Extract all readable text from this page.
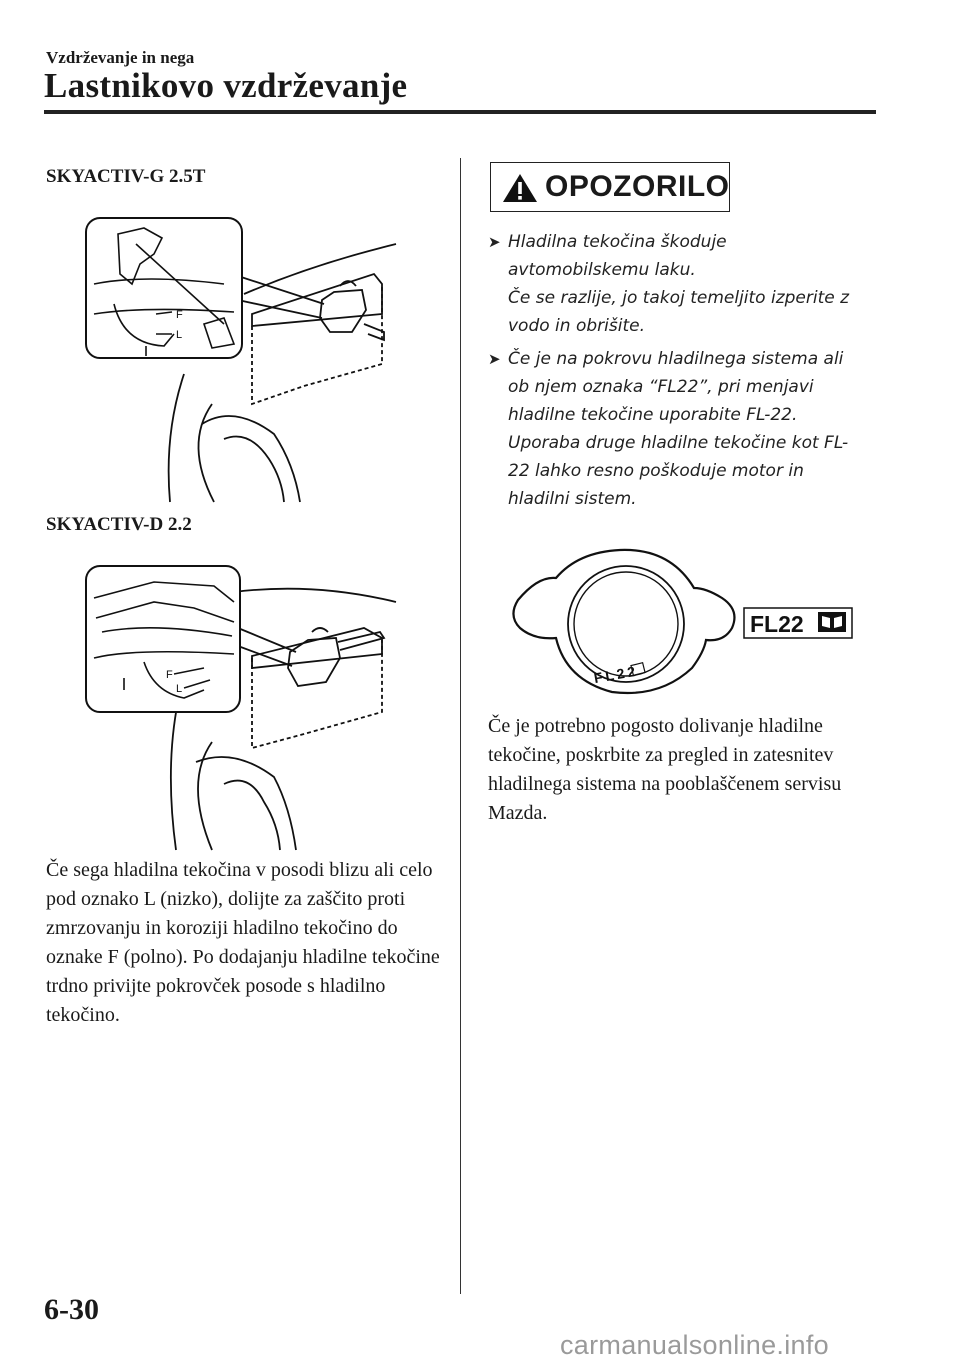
Vzdrževanje in nega
Lastnikovo vzdrževanje
SKYACTIV-G 2.5T
F
L
SKYACTIV-D 2.2
F
L
Če sega hladilna tekočina v posodi blizu ali celo pod oznako L (nizko), dolijte za zaščito proti zmrzovanju in koroziji hladilno tekočino do oznake F (polno). Po dodajanju hladilne tekočine trdno privijte pokrovček posode s hladilno tekočino.
OPOZORILO
➤ Hladilna tekočina škoduje avtomobilskemu laku.
Če se razlije, jo takoj temeljito izperite z vodo in obrišite.
➤ Če je na pokrovu hladilnega sistema ali ob njem oznaka “FL22”, pri menjavi hladilne tekočine uporabite FL-22. Uporaba druge hladilne tekočine kot FL-22 lahko resno poškoduje motor in hladilni sistem.
FL22
FL22
Če je potrebno pogosto dolivanje hladilne tekočine, poskrbite za pregled in zatesnitev hladilnega sistema na pooblaščenem servisu Mazda.
6-30
carmanualsonline.info
